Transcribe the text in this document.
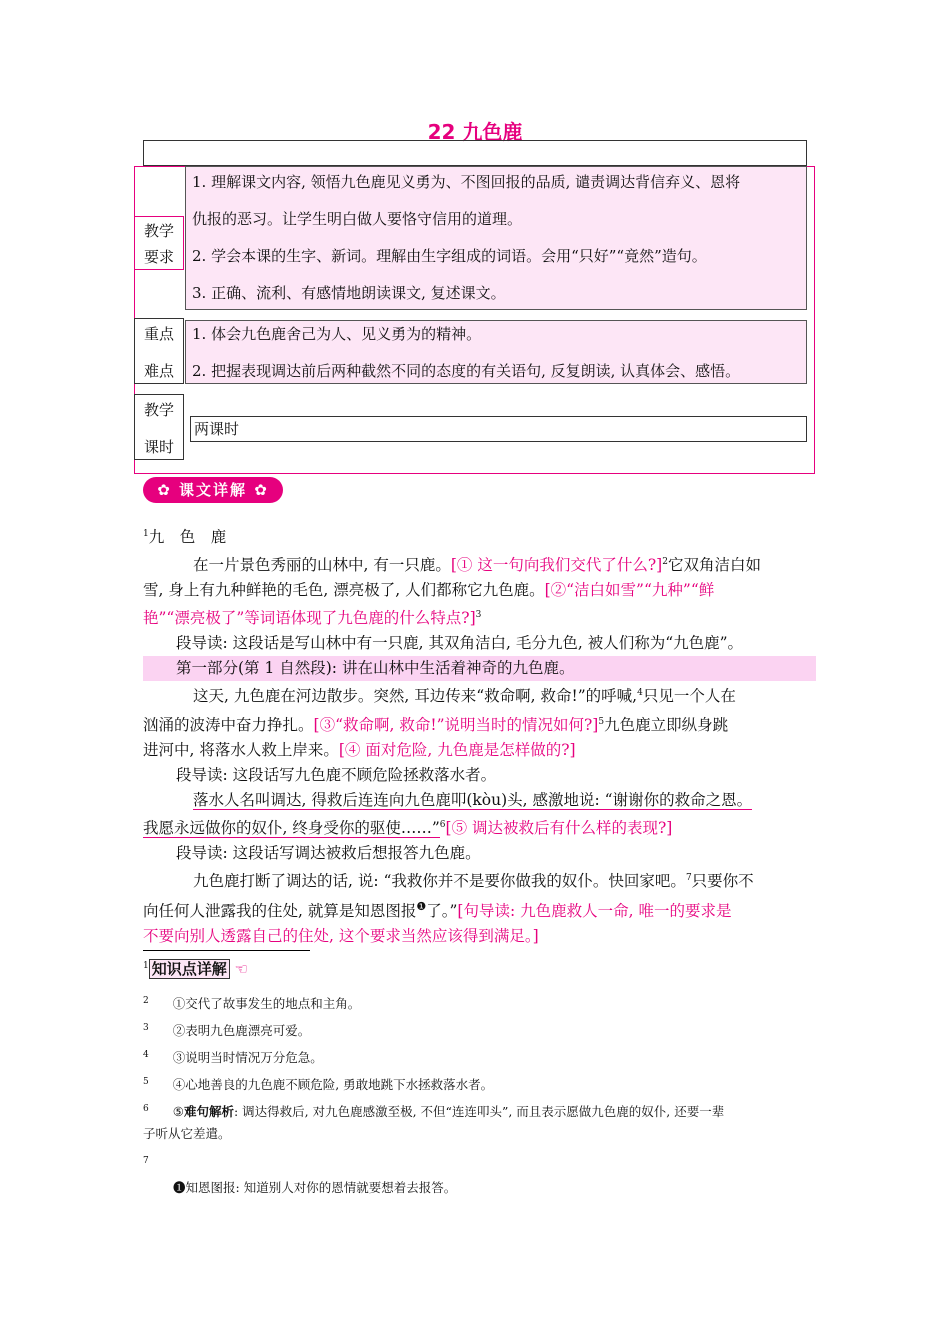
22 九色鹿
教学
要求
1. 理解课文内容, 领悟九色鹿见义勇为、不图回报的品质, 谴责调达背信弃义、恩将
仇报的恶习。让学生明白做人要恪守信用的道理。
2. 学会本课的生字、新词。理解由生字组成的词语。会用“只好”“竟然”造句。
3. 正确、流利、有感情地朗读课文, 复述课文。
重点
难点
1. 体会九色鹿舍己为人、见义勇为的精神。
2. 把握表现调达前后两种截然不同的态度的有关语句, 反复朗读, 认真体会、感悟。
教学
课时
两课时
✿ 课文详解 ✿
$^1$九　色　鹿
在一片景色秀丽的山林中, 有一只鹿。[① 这一句向我们交代了什么?]$^2$它双角洁白如
雪, 身上有九种鲜艳的毛色, 漂亮极了, 人们都称它九色鹿。[②“洁白如雪”“九种”“鲜
艳”“漂亮极了”等词语体现了九色鹿的什么特点?]$^3$
段导读: 这段话是写山林中有一只鹿, 其双角洁白, 毛分九色, 被人们称为“九色鹿”。
第一部分(第 1 自然段): 讲在山林中生活着神奇的九色鹿。
这天, 九色鹿在河边散步。突然, 耳边传来“救命啊, 救命!”的呼喊,$^4$只见一个人在
汹涌的波涛中奋力挣扎。[③“救命啊, 救命!”说明当时的情况如何?]$^5$九色鹿立即纵身跳
进河中, 将落水人救上岸来。[④ 面对危险, 九色鹿是怎样做的?]
段导读: 这段话写九色鹿不顾危险拯救落水者。
落水人名叫调达, 得救后连连向九色鹿叩(kòu)头, 感激地说: “谢谢你的救命之恩。
我愿永远做你的奴仆, 终身受你的驱使……”$^6$[⑤ 调达被救后有什么样的表现?]
段导读: 这段话写调达被救后想报答九色鹿。
九色鹿打断了调达的话, 说: “我救你并不是要你做我的奴仆。快回家吧。$^7$只要你不
向任何人泄露我的住处, 就算是知恩图报$^❶$了。”[句导读: 九色鹿救人一命, 唯一的要求是
不要向别人透露自己的住处, 这个要求当然应该得到满足。]
$^1$ 知识点详解 ☜
$^2$ ①交代了故事发生的地点和主角。
$^3$ ②表明九色鹿漂亮可爱。
$^4$ ③说明当时情况万分危急。
$^5$ ④心地善良的九色鹿不顾危险, 勇敢地跳下水拯救落水者。
$^6$ ⑤难句解析: 调达得救后, 对九色鹿感激至极, 不但“连连叩头”, 而且表示愿做九色鹿的奴仆, 还要一辈
子听从它差遣。
$^7$
❶知恩图报: 知道别人对你的恩情就要想着去报答。
